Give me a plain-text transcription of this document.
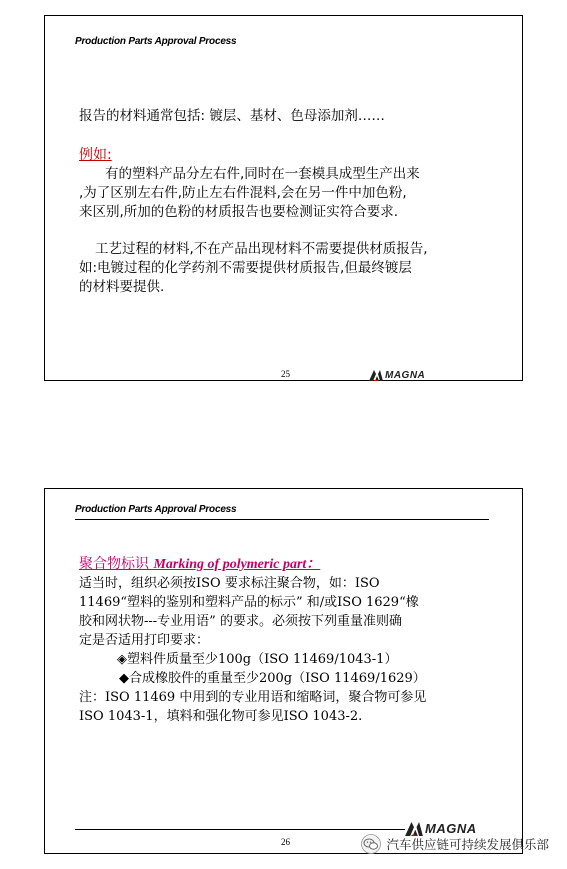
Production Parts Approval Process
报告的材料通常包括: 镀层、基材、色母添加剂……
例如:
有的塑料产品分左右件,同时在一套模具成型生产出来
,为了区别左右件,防止左右件混料,会在另一件中加色粉,
来区别,所加的色粉的材质报告也要检测证实符合要求.
工艺过程的材料,不在产品出现材料不需要提供材质报告,
如:电镀过程的化学药剂不需要提供材质报告,但最终镀层
的材料要提供.
25	MAGNA
Production Parts Approval Process
聚合物标识 Marking of polymeric part：
适当时，组织必须按ISO 要求标注聚合物，如：ISO
11469“塑料的鉴别和塑料产品的标示” 和/或ISO 1629“橡
胶和网状物---专业用语” 的要求。必须按下列重量准则确
定是否适用打印要求：
◈塑料件质量至少100g（ISO 11469/1043-1）
◆合成橡胶件的重量至少200g（ISO 11469/1629）
注：ISO 11469 中用到的专业用语和缩略词，聚合物可参见
ISO 1043-1，填料和强化物可参见ISO 1043-2.
26
MAGNA
汽车供应链可持续发展俱乐部
